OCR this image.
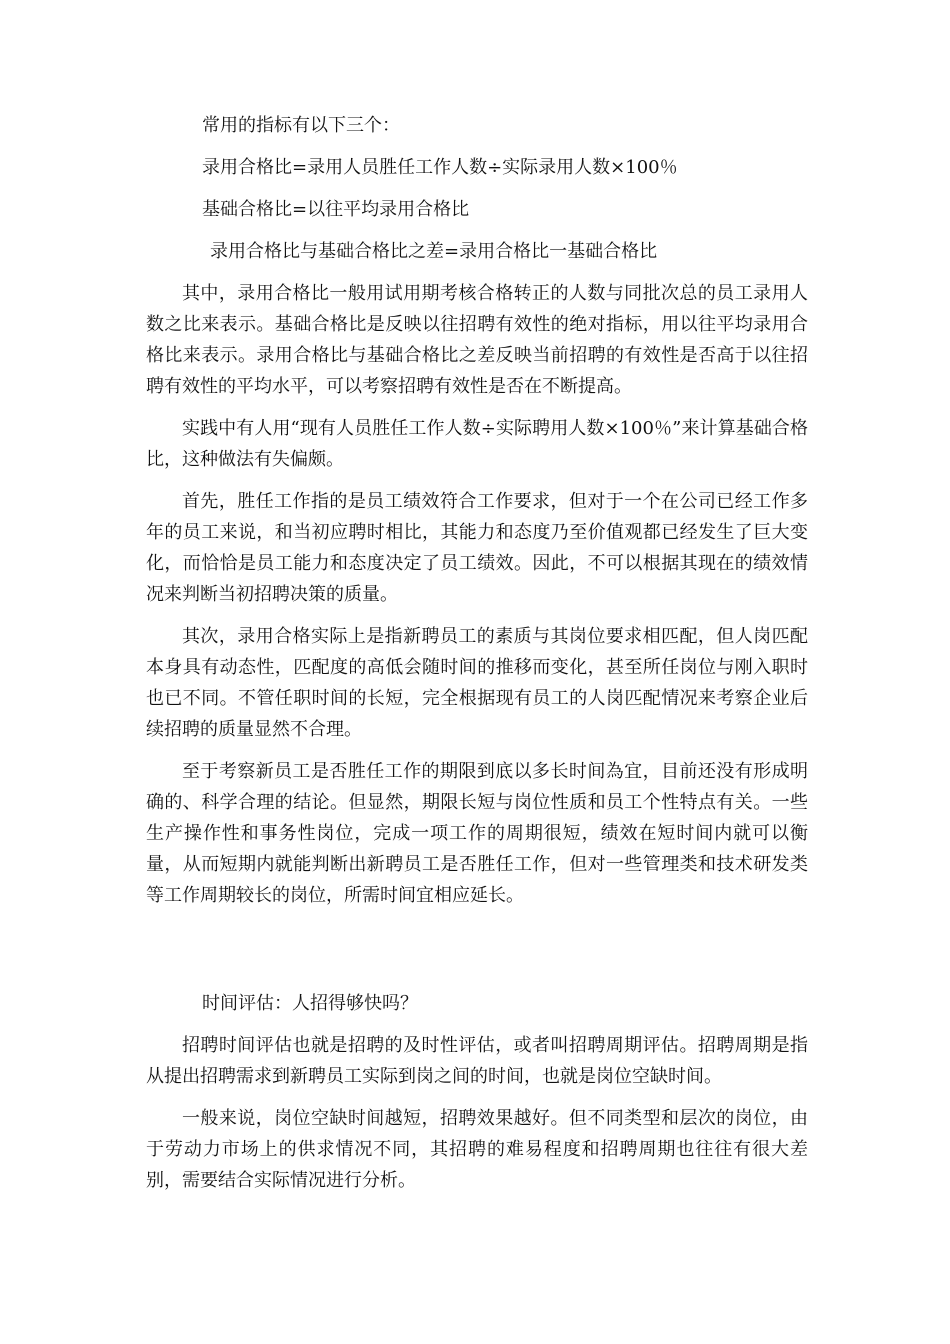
常用的指标有以下三个：

录用合格比=录用人员胜任工作人数÷实际录用人数×100％

基础合格比=以往平均录用合格比

录用合格比与基础合格比之差=录用合格比一基础合格比

其中，录用合格比一般用试用期考核合格转正的人数与同批次总的员工录用人数之比来表示。基础合格比是反映以往招聘有效性的绝对指标，用以往平均录用合格比来表示。录用合格比与基础合格比之差反映当前招聘的有效性是否高于以往招聘有效性的平均水平，可以考察招聘有效性是否在不断提高。

实践中有人用“现有人员胜任工作人数÷实际聘用人数×100％”来计算基础合格比，这种做法有失偏颇。

首先，胜任工作指的是员工绩效符合工作要求，但对于一个在公司已经工作多年的员工来说，和当初应聘时相比，其能力和态度乃至价值观都已经发生了巨大变化，而恰恰是员工能力和态度决定了员工绩效。因此，不可以根据其现在的绩效情况来判断当初招聘决策的质量。

其次，录用合格实际上是指新聘员工的素质与其岗位要求相匹配，但人岗匹配本身具有动态性，匹配度的高低会随时间的推移而变化，甚至所任岗位与刚入职时也已不同。不管任职时间的长短，完全根据现有员工的人岗匹配情况来考察企业后续招聘的质量显然不合理。

至于考察新员工是否胜任工作的期限到底以多长时间為宜，目前还没有形成明确的、科学合理的结论。但显然，期限长短与岗位性质和员工个性特点有关。一些生产操作性和事务性岗位，完成一项工作的周期很短，绩效在短时间内就可以衡量，从而短期内就能判断出新聘员工是否胜任工作，但对一些管理类和技术研发类等工作周期较长的岗位，所需时间宜相应延长。

时间评估：人招得够快吗？

招聘时间评估也就是招聘的及时性评估，或者叫招聘周期评估。招聘周期是指从提出招聘需求到新聘员工实际到岗之间的时间，也就是岗位空缺时间。

一般来说，岗位空缺时间越短，招聘效果越好。但不同类型和层次的岗位，由于劳动力市场上的供求情况不同，其招聘的难易程度和招聘周期也往往有很大差别，需要结合实际情况进行分析。
